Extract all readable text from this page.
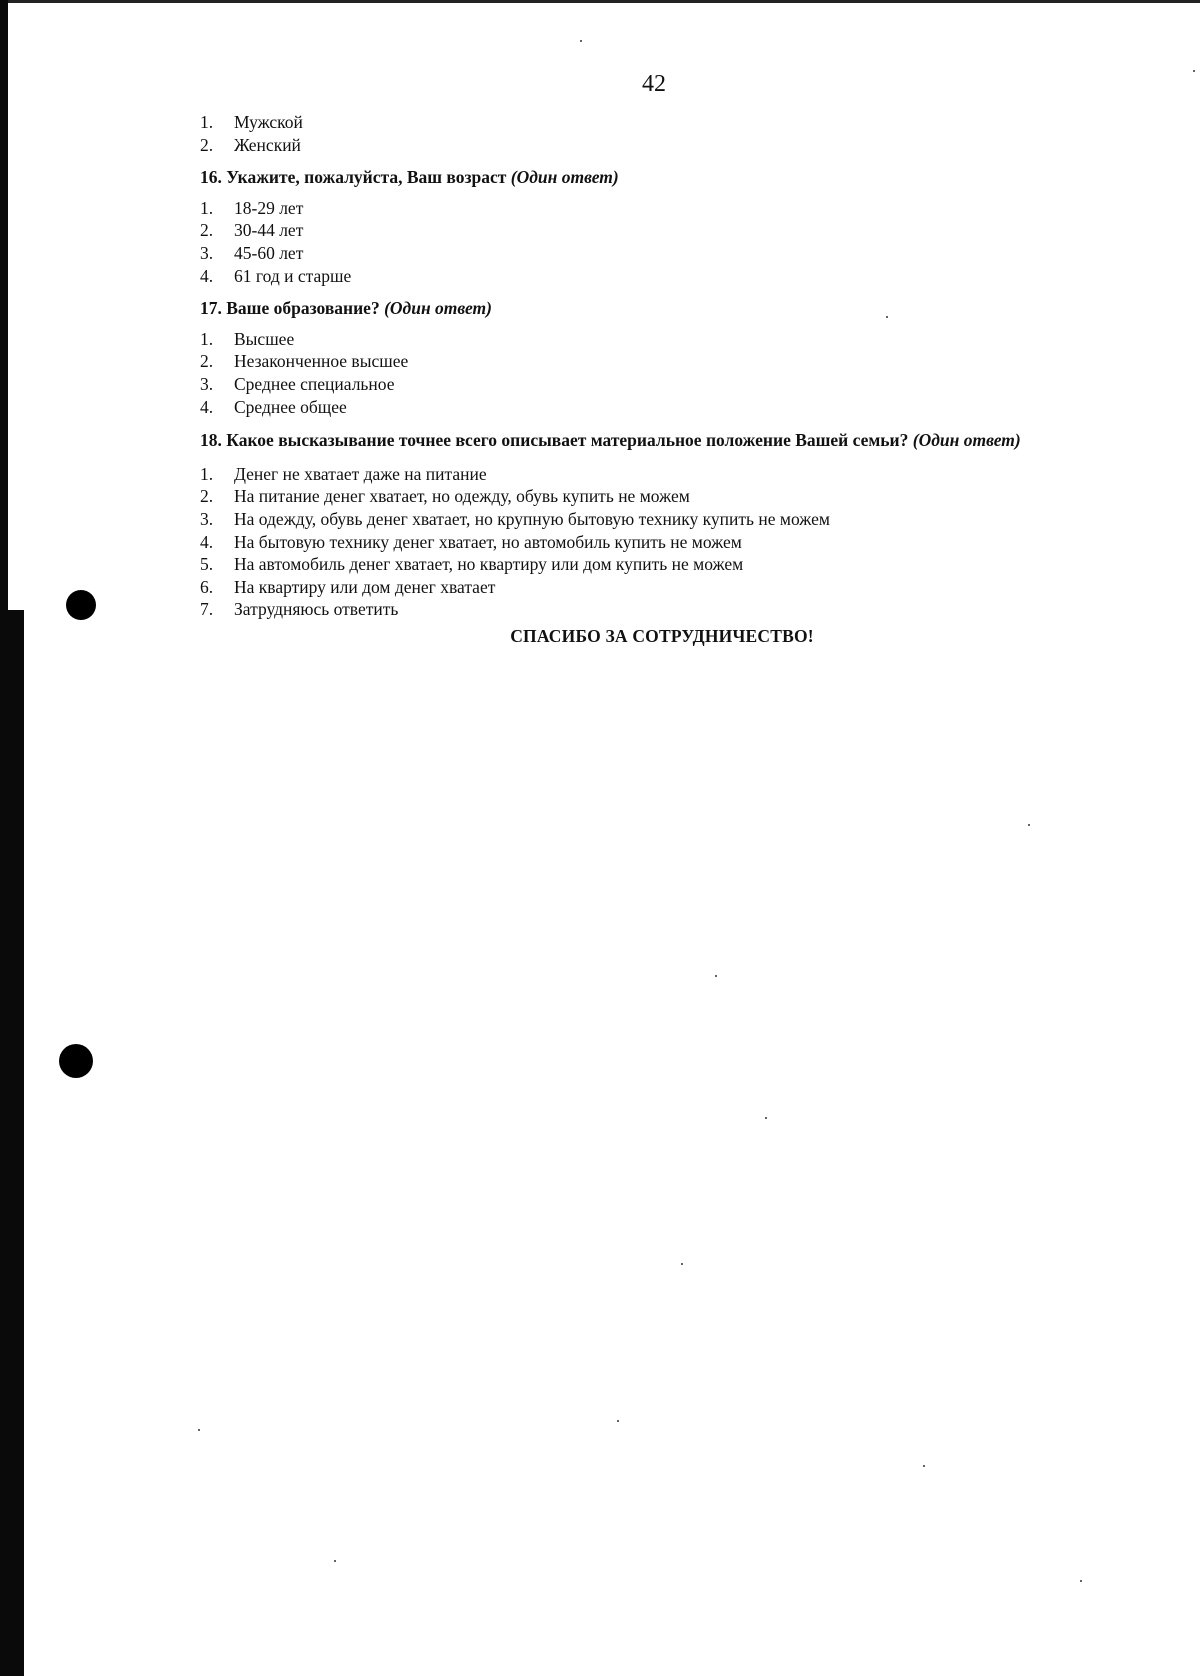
42
1.	Мужской
2.	Женский
16. Укажите, пожалуйста, Ваш возраст (Один ответ)
1.	18-29 лет
2.	30-44 лет
3.	45-60 лет
4.	61 год и старше
17. Ваше образование? (Один ответ)
1.	Высшее
2.	Незаконченное высшее
3.	Среднее специальное
4.	Среднее общее
18. Какое высказывание точнее всего описывает материальное положение Вашей семьи? (Один ответ)
1.	Денег не хватает даже на питание
2.	На питание денег хватает, но одежду, обувь купить не можем
3.	На одежду, обувь денег хватает, но крупную бытовую технику купить не можем
4.	На бытовую технику денег хватает, но автомобиль купить не можем
5.	На автомобиль денег хватает, но квартиру или дом купить не можем
6.	На квартиру или дом денег хватает
7.	Затрудняюсь ответить
СПАСИБО ЗА СОТРУДНИЧЕСТВО!
